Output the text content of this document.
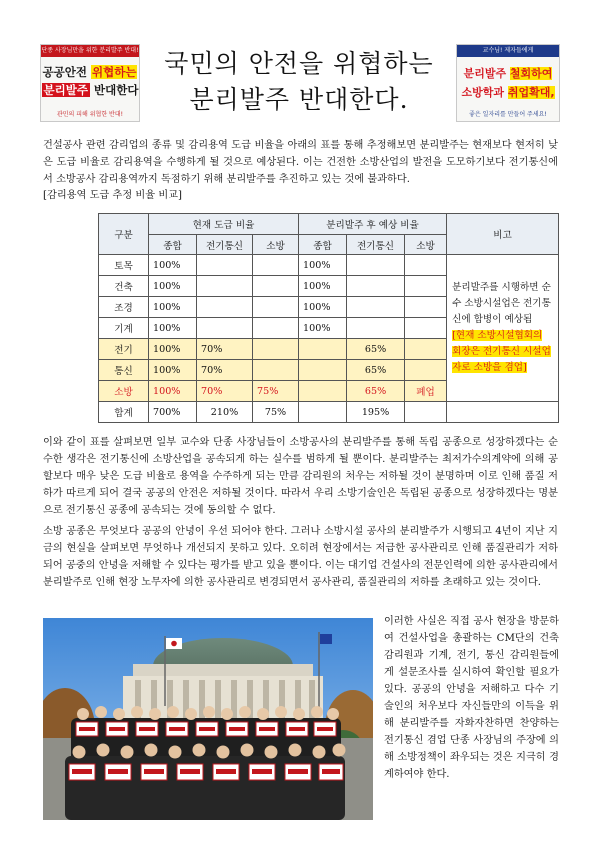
단종 사장님만을 위한 분리발주 반대!
공공안전 위협하는
분리발주 반대한다
관민의 피해 위협한 반대!
국민의 안전을 위협하는
분리발주 반대한다.
교수님! 제자들에게
분리발주 철회하여
소방학과 취업확대,
좋은 일자리를 만들어 주세요!

건설공사 관련 감리업의 종류 및 감리용역 도급 비율을 아래의 표를 통해 추정해보면 분리발주는 현재보다 현저히 낮은 도급 비율로 감리용역을 수행하게 될 것으로 예상된다. 이는 건전한 소방산업의 발전을 도모하기보다 전기통신에서 소방공사 감리용역까지 독점하기 위해 분리발주를 추진하고 있는 것에 불과하다.

[감리용역 도급 추정 비율 비교]
구분	현재 도급 비율			분리발주 후 예상 비율			비고
	종합	전기통신	소방	종합	전기통신	소방	
토목	100%			100%			분리발주를 시행하면 순수 소방시설업은 전기통신에 합병이 예상됨
[현재 소방시설협회의 회장은 전기통신 시설업자로 소방을 겸업]
건축	100%			100%			
조경	100%			100%			
기계	100%			100%			
전기	100%	70%			65%		
통신	100%	70%			65%		
소방	100%	70%	75%		65%	폐업	
합계	700%	210%	75%		195%		

이와 같이 표를 살펴보면 일부 교수와 단종 사장님들이 소방공사의 분리발주를 통해 독립 공종으로 성장하겠다는 순수한 생각은 전기통신에 소방산업을 공속되게 하는 실수를 범하게 될 뿐이다. 분리발주는 최저가수의계약에 의해 공할보다 매우 낮은 도급 비율로 용역을 수주하게 되는 만큼 감리원의 처우는 저하될 것이 분명하며 이로 인해 품질 저하가 따르게 되어 결국 공공의 안전은 저하될 것이다. 따라서 우리 소방기술인은 독립된 공종으로 성장하겠다는 명분으로 전기통신 공종에 공속되는 것에 동의할 수 없다.

소방 공종은 무엇보다 공공의 안녕이 우선 되어야 한다. 그러나 소방시설 공사의 분리발주가 시행되고 4년이 지난 지금의 현실을 살펴보면 무엇하나 개선되지 못하고 있다. 오히려 현장에서는 저급한 공사관리로 인해 품질관리가 저하되어 공중의 안녕을 저해할 수 있다는 평가를 받고 있을 뿐이다. 이는 대기업 건설사의 전문인력에 의한 공사관리에서 분리발주로 인해 현장 노무자에 의한 공사관리로 변경되면서 공사관리, 품질관리의 저하를 초래하고 있는 것이다.

이러한 사실은 직접 공사 현장을 방문하여 건설사업을 총괄하는 CM단의 건축감리원과 기계, 전기, 통신 감리원들에게 설문조사를 실시하여 확인할 필요가 있다. 공공의 안녕을 저해하고 다수 기술인의 처우보다 자신들만의 이득을 위해 분리발주를 자화자찬하면 찬양하는 전기통신 겸업 단종 사장님의 주장에 의해 소방정책이 좌우되는 것은 지극히 경계하여야 한다.
